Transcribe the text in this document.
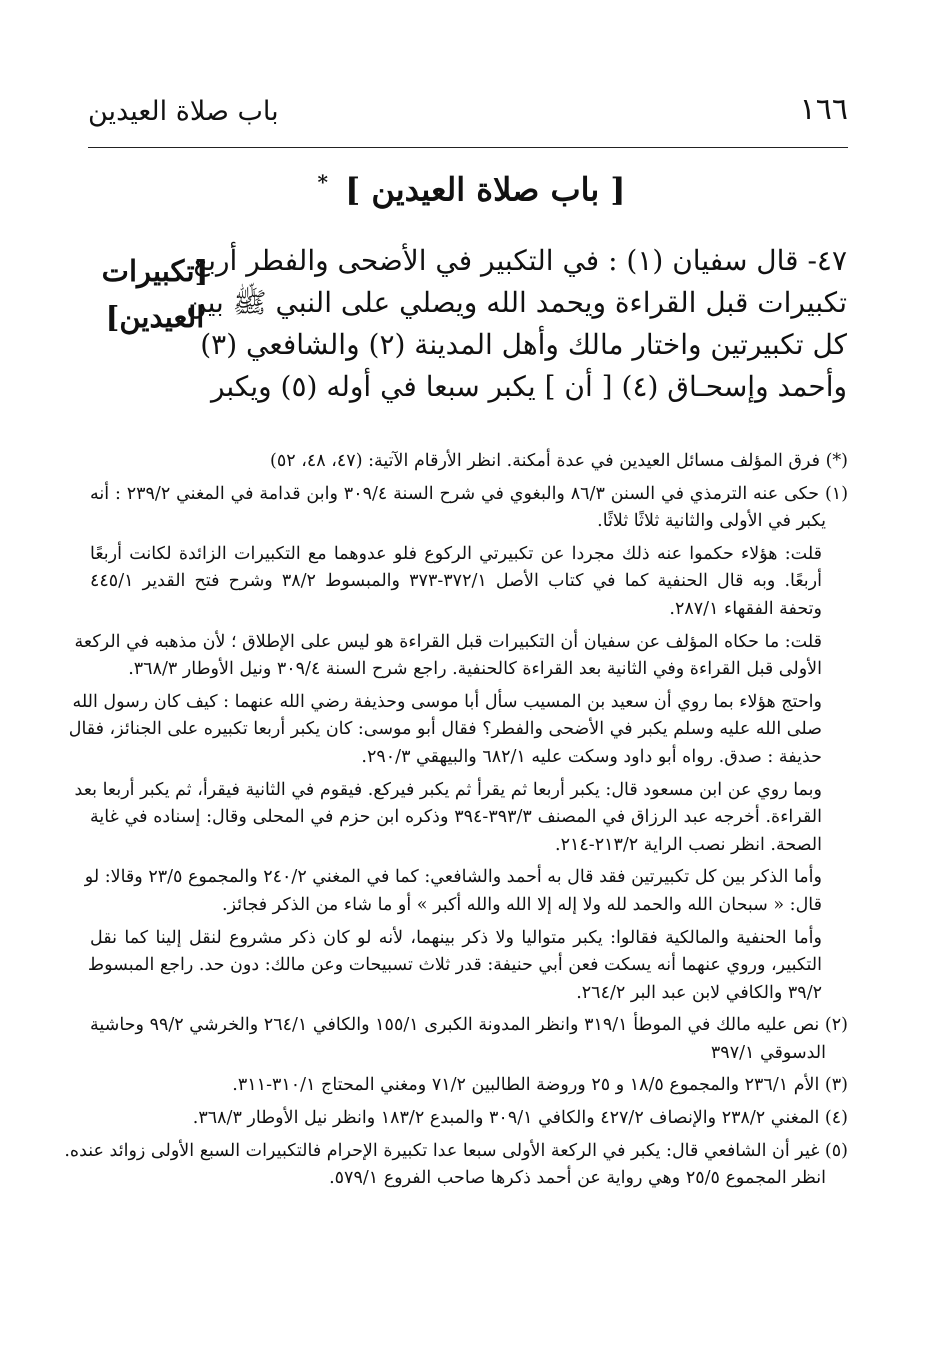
١٦٦
باب صلاة العيدين
[ باب صلاة العيدين ] *
[تكبيرات
العيدين]
٤٧- قال سفيان (١) : في التكبير في الأضحى والفطر أربع
تكبيرات قبل القراءة ويحمد الله ويصلي على النبي ﷺ بين
كل تكبيرتين واختار مالك وأهل المدينة (٢) والشافعي (٣)
وأحمد وإسحـاق (٤) [ أن ] يكبر سبعا في أوله (٥) ويكبر
(*) فرق المؤلف مسائل العيدين في عدة أمكنة. انظر الأرقام الآتية: (٤٧، ٤٨، ٥٢)
(١) حكى عنه الترمذي في السنن ٨٦/٣ والبغوي في شرح السنة ٣٠٩/٤ وابن قدامة في المغني ٢٣٩/٢ : أنه
يكبر في الأولى والثانية ثلاثًا ثلاثًا.
قلت: هؤلاء حكموا عنه ذلك مجردا عن تكبيرتي الركوع فلو عدوهما مع التكبيرات الزائدة لكانت أربعًا
أربعًا. وبه قال الحنفية كما في كتاب الأصل ٣٧٢/١-٣٧٣ والمبسوط ٣٨/٢ وشرح فتح القدير ٤٤٥/١
وتحفة الفقهاء ٢٨٧/١.
قلت: ما حكاه المؤلف عن سفيان أن التكبيرات قبل القراءة هو ليس على الإطلاق ؛ لأن مذهبه في الركعة
الأولى قبل القراءة وفي الثانية بعد القراءة كالحنفية. راجع شرح السنة ٣٠٩/٤ ونيل الأوطار ٣٦٨/٣.
واحتج هؤلاء بما روي أن سعيد بن المسيب سأل أبا موسى وحذيفة رضي الله عنهما : كيف كان رسول الله
صلى الله عليه وسلم يكبر في الأضحى والفطر؟ فقال أبو موسى: كان يكبر أربعا تكبيره على الجنائز، فقال
حذيفة : صدق. رواه أبو داود وسكت عليه ٦٨٢/١ والبيهقي ٢٩٠/٣.
وبما روي عن ابن مسعود قال: يكبر أربعا ثم يقرأ ثم يكبر فيركع. فيقوم في الثانية فيقرأ، ثم يكبر أربعا بعد
القراءة. أخرجه عبد الرزاق في المصنف ٣٩٣/٣-٣٩٤ وذكره ابن حزم في المحلى وقال: إسناده في غاية
الصحة. انظر نصب الراية ٢١٣/٢-٢١٤.
وأما الذكر بين كل تكبيرتين فقد قال به أحمد والشافعي: كما في المغني ٢٤٠/٢ والمجموع ٢٣/٥ وقالا: لو
قال: « سبحان الله والحمد لله ولا إله إلا الله والله أكبر » أو ما شاء من الذكر فجائز.
وأما الحنفية والمالكية فقالوا: يكبر متواليا ولا ذكر بينهما، لأنه لو كان ذكر مشروع لنقل إلينا كما نقل
التكبير، وروي عنهما أنه يسكت فعن أبي حنيفة: قدر ثلاث تسبيحات وعن مالك: دون حد. راجع المبسوط
٣٩/٢ والكافي لابن عبد البر ٢٦٤/٢.
(٢) نص عليه مالك في الموطأ ٣١٩/١ وانظر المدونة الكبرى ١٥٥/١ والكافي ٢٦٤/١ والخرشي ٩٩/٢ وحاشية
الدسوقي ٣٩٧/١
(٣) الأم ٢٣٦/١ والمجموع ١٨/٥ و ٢٥ وروضة الطالبين ٧١/٢ ومغني المحتاج ٣١٠/١-٣١١.
(٤) المغني ٢٣٨/٢ والإنصاف ٤٢٧/٢ والكافي ٣٠٩/١ والمبدع ١٨٣/٢ وانظر نيل الأوطار ٣٦٨/٣.
(٥) غير أن الشافعي قال: يكبر في الركعة الأولى سبعا عدا تكبيرة الإحرام فالتكبيرات السبع الأولى زوائد عنده.
انظر المجموع ٢٥/٥ وهي رواية عن أحمد ذكرها صاحب الفروع ٥٧٩/١.
